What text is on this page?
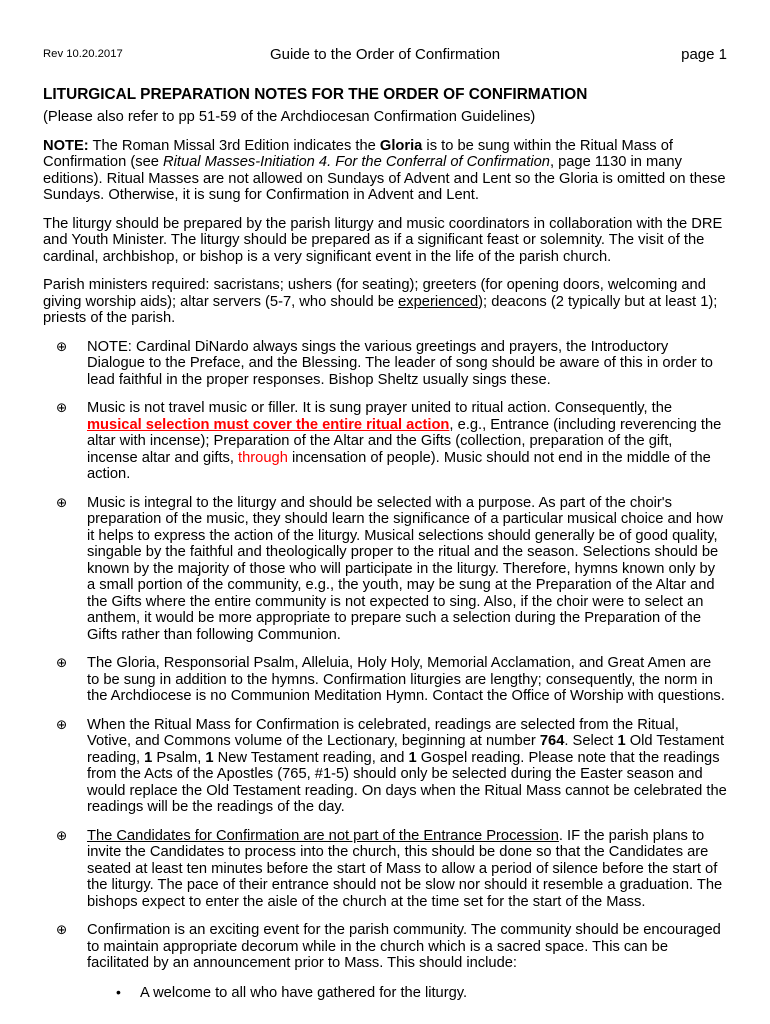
Rev 10.20.2017	Guide to the Order of Confirmation	page 1
LITURGICAL PREPARATION NOTES FOR THE ORDER OF CONFIRMATION

(Please also refer to pp 51-59 of the Archdiocesan Confirmation Guidelines)

NOTE: The Roman Missal 3rd Edition indicates the Gloria is to be sung within the Ritual Mass of Confirmation (see Ritual Masses-Initiation 4. For the Conferral of Confirmation, page 1130 in many editions). Ritual Masses are not allowed on Sundays of Advent and Lent so the Gloria is omitted on these Sundays. Otherwise, it is sung for Confirmation in Advent and Lent.

The liturgy should be prepared by the parish liturgy and music coordinators in collaboration with the DRE and Youth Minister. The liturgy should be prepared as if a significant feast or solemnity. The visit of the cardinal, archbishop, or bishop is a very significant event in the life of the parish church.

Parish ministers required: sacristans; ushers (for seating); greeters (for opening doors, welcoming and giving worship aids); altar servers (5-7, who should be experienced); deacons (2 typically but at least 1); priests of the parish.

⊕ NOTE: Cardinal DiNardo always sings the various greetings and prayers, the Introductory Dialogue to the Preface, and the Blessing. The leader of song should be aware of this in order to lead faithful in the proper responses. Bishop Sheltz usually sings these.
⊕ Music is not travel music or filler. It is sung prayer united to ritual action. Consequently, the musical selection must cover the entire ritual action, e.g., Entrance (including reverencing the altar with incense); Preparation of the Altar and the Gifts (collection, preparation of the gift, incense altar and gifts, through incensation of people). Music should not end in the middle of the action.
⊕ Music is integral to the liturgy and should be selected with a purpose. As part of the choir's preparation of the music, they should learn the significance of a particular musical choice and how it helps to express the action of the liturgy. Musical selections should generally be of good quality, singable by the faithful and theologically proper to the ritual and the season. Selections should be known by the majority of those who will participate in the liturgy. Therefore, hymns known only by a small portion of the community, e.g., the youth, may be sung at the Preparation of the Altar and the Gifts where the entire community is not expected to sing. Also, if the choir were to select an anthem, it would be more appropriate to prepare such a selection during the Preparation of the Gifts rather than following Communion.
⊕ The Gloria, Responsorial Psalm, Alleluia, Holy Holy, Memorial Acclamation, and Great Amen are to be sung in addition to the hymns. Confirmation liturgies are lengthy; consequently, the norm in the Archdiocese is no Communion Meditation Hymn. Contact the Office of Worship with questions.
⊕ When the Ritual Mass for Confirmation is celebrated, readings are selected from the Ritual, Votive, and Commons volume of the Lectionary, beginning at number 764. Select 1 Old Testament reading, 1 Psalm, 1 New Testament reading, and 1 Gospel reading. Please note that the readings from the Acts of the Apostles (765, #1-5) should only be selected during the Easter season and would replace the Old Testament reading. On days when the Ritual Mass cannot be celebrated the readings will be the readings of the day.
⊕ The Candidates for Confirmation are not part of the Entrance Procession. IF the parish plans to invite the Candidates to process into the church, this should be done so that the Candidates are seated at least ten minutes before the start of Mass to allow a period of silence before the start of the liturgy. The pace of their entrance should not be slow nor should it resemble a graduation. The bishops expect to enter the aisle of the church at the time set for the start of the Mass.
⊕ Confirmation is an exciting event for the parish community. The community should be encouraged to maintain appropriate decorum while in the church which is a sacred space. This can be facilitated by an announcement prior to Mass. This should include:
• A welcome to all who have gathered for the liturgy.
